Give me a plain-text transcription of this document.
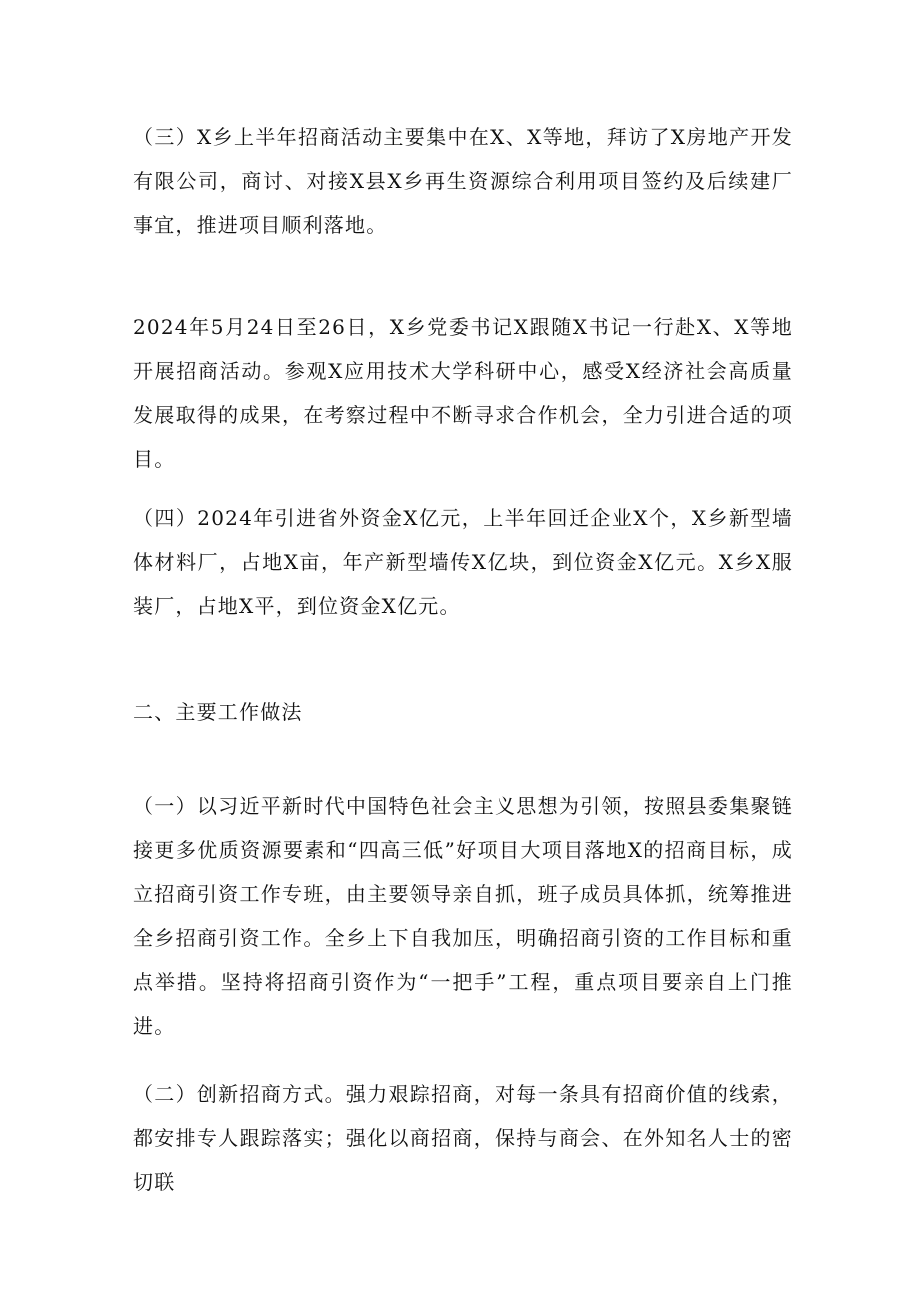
（三）X乡上半年招商活动主要集中在X、X等地，拜访了X房地产开发有限公司，商讨、对接X县X乡再生资源综合利用项目签约及后续建厂事宜，推进项目顺利落地。

2024年5月24日至26日，X乡党委书记X跟随X书记一行赴X、X等地开展招商活动。参观X应用技术大学科研中心，感受X经济社会高质量发展取得的成果，在考察过程中不断寻求合作机会，全力引进合适的项目。

（四）2024年引进省外资金X亿元，上半年回迁企业X个，X乡新型墙体材料厂，占地X亩，年产新型墙传X亿块，到位资金X亿元。X乡X服装厂，占地X平，到位资金X亿元。

二、主要工作做法

（一）以习近平新时代中国特色社会主义思想为引领，按照县委集聚链接更多优质资源要素和“四高三低”好项目大项目落地X的招商目标，成立招商引资工作专班，由主要领导亲自抓，班子成员具体抓，统筹推进全乡招商引资工作。全乡上下自我加压，明确招商引资的工作目标和重点举措。坚持将招商引资作为“一把手”工程，重点项目要亲自上门推进。

（二）创新招商方式。强力艰踪招商，对每一条具有招商价值的线索，都安排专人跟踪落实；强化以商招商，保持与商会、在外知名人士的密切联
